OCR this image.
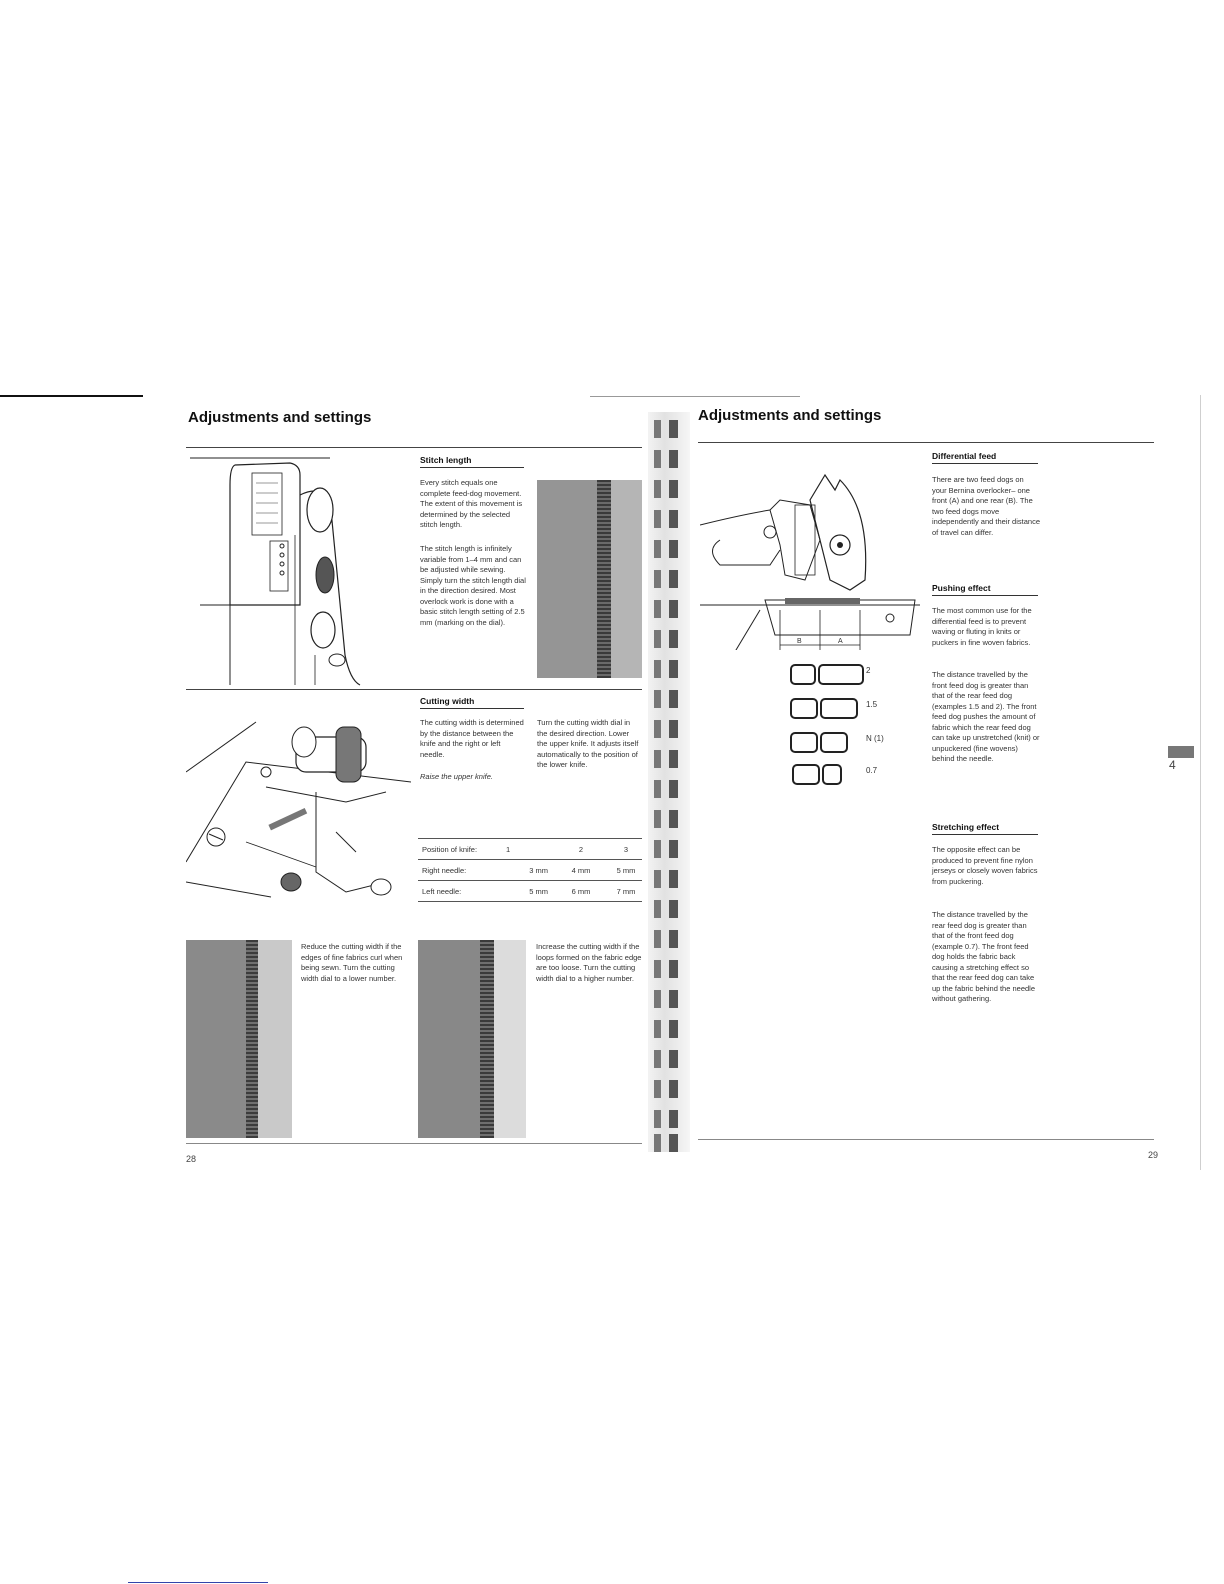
Adjustments and settings
Stitch length
Every stitch equals one complete feed-dog movement. The extent of this movement is determined by the selected stitch length.
The stitch length is infinitely variable from 1–4 mm and can be adjusted while sewing. Simply turn the stitch length dial in the direction desired. Most overlock work is done with a basic stitch length setting of 2.5 mm (marking on the dial).
Cutting width
The cutting width is determined by the distance between the knife and the right or left needle.
Raise the upper knife.
Turn the cutting width dial in the desired direction. Lower the upper knife. It adjusts itself automatically to the position of the lower knife.
Position of knife:	1	2	3
Right needle:	3 mm	4 mm	5 mm
Left needle:	5 mm	6 mm	7 mm
Reduce the cutting width if the edges of fine fabrics curl when being sewn. Turn the cutting width dial to a lower number.
Increase the cutting width if the loops formed on the fabric edge are too loose. Turn the cutting width dial to a higher number.
28
Adjustments and settings
B	A
2
1.5
N (1)
0.7
Differential feed
There are two feed dogs on your Bernina overlocker– one front (A) and one rear (B). The two feed dogs move independently and their distance of travel can differ.
Pushing effect
The most common use for the differential feed is to prevent waving or fluting in knits or puckers in fine woven fabrics.
The distance travelled by the front feed dog is greater than that of the rear feed dog (examples 1.5 and 2). The front feed dog pushes the amount of fabric which the rear feed dog can take up unstretched (knit) or unpuckered (fine wovens) behind the needle.
Stretching effect
The opposite effect can be produced to prevent fine nylon jerseys or closely woven fabrics from puckering.
The distance travelled by the rear feed dog is greater than that of the front feed dog (example 0.7). The front feed dog holds the fabric back causing a stretching effect so that the rear feed dog can take up the fabric behind the needle without gathering.
4
29
